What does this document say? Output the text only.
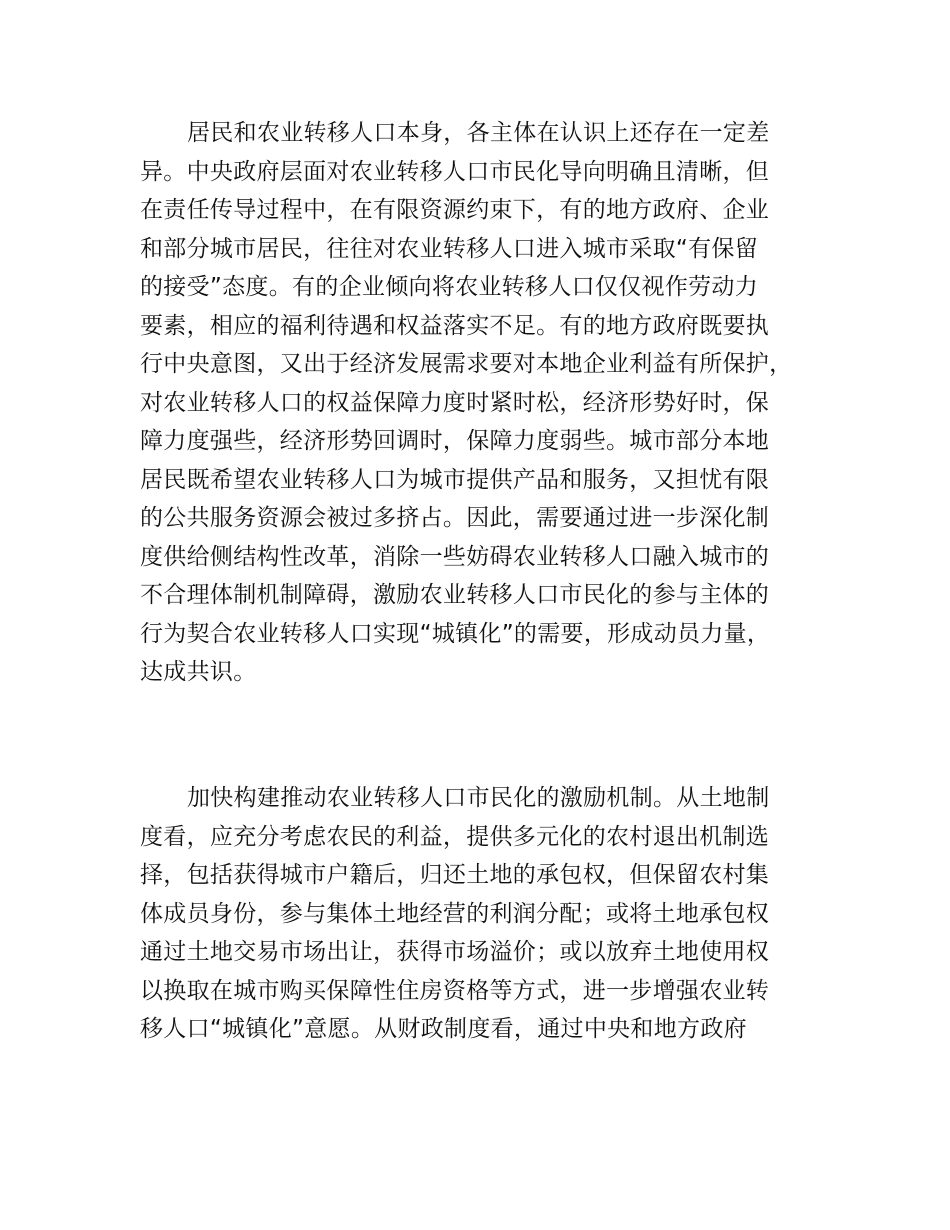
居民和农业转移人口本身，各主体在认识上还存在一定差
异。中央政府层面对农业转移人口市民化导向明确且清晰，但
在责任传导过程中，在有限资源约束下，有的地方政府、企业
和部分城市居民，往往对农业转移人口进入城市采取“有保留
的接受”态度。有的企业倾向将农业转移人口仅仅视作劳动力
要素，相应的福利待遇和权益落实不足。有的地方政府既要执
行中央意图，又出于经济发展需求要对本地企业利益有所保护，
对农业转移人口的权益保障力度时紧时松，经济形势好时，保
障力度强些，经济形势回调时，保障力度弱些。城市部分本地
居民既希望农业转移人口为城市提供产品和服务，又担忧有限
的公共服务资源会被过多挤占。因此，需要通过进一步深化制
度供给侧结构性改革，消除一些妨碍农业转移人口融入城市的
不合理体制机制障碍，激励农业转移人口市民化的参与主体的
行为契合农业转移人口实现“城镇化”的需要，形成动员力量，
达成共识。
加快构建推动农业转移人口市民化的激励机制。从土地制
度看，应充分考虑农民的利益，提供多元化的农村退出机制选
择，包括获得城市户籍后，归还土地的承包权，但保留农村集
体成员身份，参与集体土地经营的利润分配；或将土地承包权
通过土地交易市场出让，获得市场溢价；或以放弃土地使用权
以换取在城市购买保障性住房资格等方式，进一步增强农业转
移人口“城镇化”意愿。从财政制度看，通过中央和地方政府
